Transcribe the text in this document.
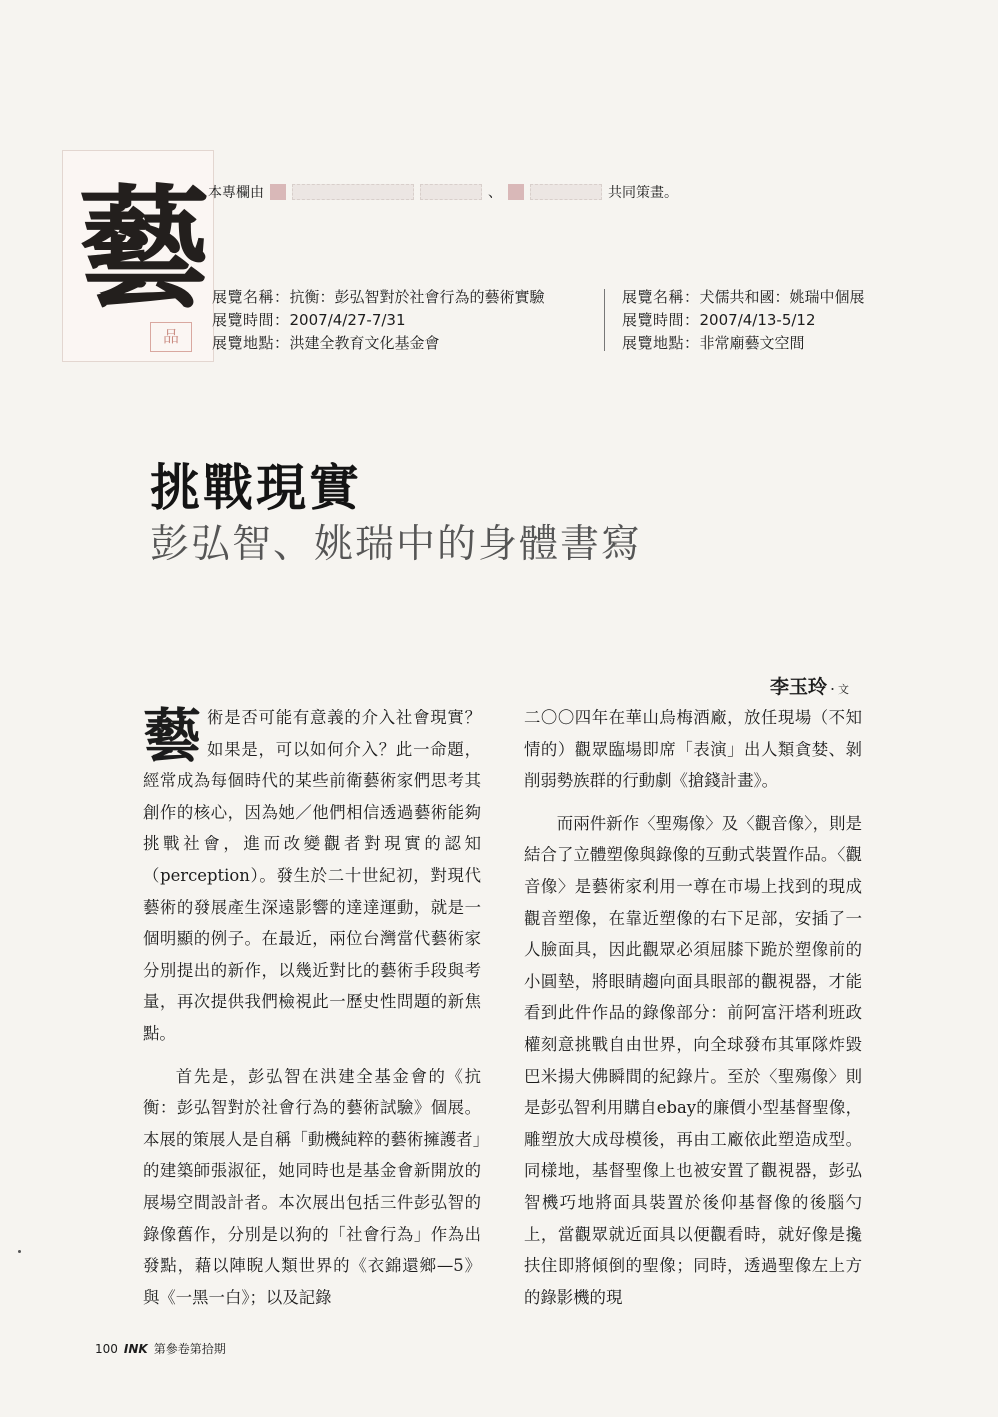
藝
品
本專欄由	、	共同策畫。
展覽名稱：抗衡：彭弘智對於社會行為的藝術實驗
展覽時間：2007/4/27-7/31
展覽地點：洪建全教育文化基金會
展覽名稱：犬儒共和國：姚瑞中個展
展覽時間：2007/4/13-5/12
展覽地點：非常廟藝文空間
挑戰現實
彭弘智、姚瑞中的身體書寫
李玉玲・文

藝術是否可能有意義的介入社會現實？如果是，可以如何介入？此一命題，經常成為每個時代的某些前衛藝術家們思考其創作的核心，因為她／他們相信透過藝術能夠挑戰社會，進而改變觀者對現實的認知（perception）。發生於二十世紀初，對現代藝術的發展產生深遠影響的達達運動，就是一個明顯的例子。在最近，兩位台灣當代藝術家分別提出的新作，以幾近對比的藝術手段與考量，再次提供我們檢視此一歷史性問題的新焦點。

首先是，彭弘智在洪建全基金會的《抗衡：彭弘智對於社會行為的藝術試驗》個展。本展的策展人是自稱「動機純粹的藝術擁護者」的建築師張淑征，她同時也是基金會新開放的展場空間設計者。本次展出包括三件彭弘智的錄像舊作，分別是以狗的「社會行為」作為出發點，藉以陣睨人類世界的《衣錦還鄉—5》與《一黑一白》；以及記錄

二〇〇四年在華山烏梅酒廠，放任現場（不知情的）觀眾臨場即席「表演」出人類貪婪、剝削弱勢族群的行動劇《搶錢計畫》。

而兩件新作〈聖殤像〉及〈觀音像〉，則是結合了立體塑像與錄像的互動式裝置作品。〈觀音像〉是藝術家利用一尊在市場上找到的現成觀音塑像，在靠近塑像的右下足部，安插了一人臉面具，因此觀眾必須屈膝下跪於塑像前的小圓墊，將眼睛趨向面具眼部的觀視器，才能看到此件作品的錄像部分：前阿富汗塔利班政權刻意挑戰自由世界，向全球發布其軍隊炸毀巴米揚大佛瞬間的紀錄片。至於〈聖殤像〉則是彭弘智利用購自ebay的廉價小型基督聖像，雕塑放大成母模後，再由工廠依此塑造成型。同樣地，基督聖像上也被安置了觀視器，彭弘智機巧地將面具裝置於後仰基督像的後腦勺上，當觀眾就近面具以便觀看時，就好像是攙扶住即將傾倒的聖像；同時，透過聖像左上方的錄影機的現

100 INK 第參卷第拾期
